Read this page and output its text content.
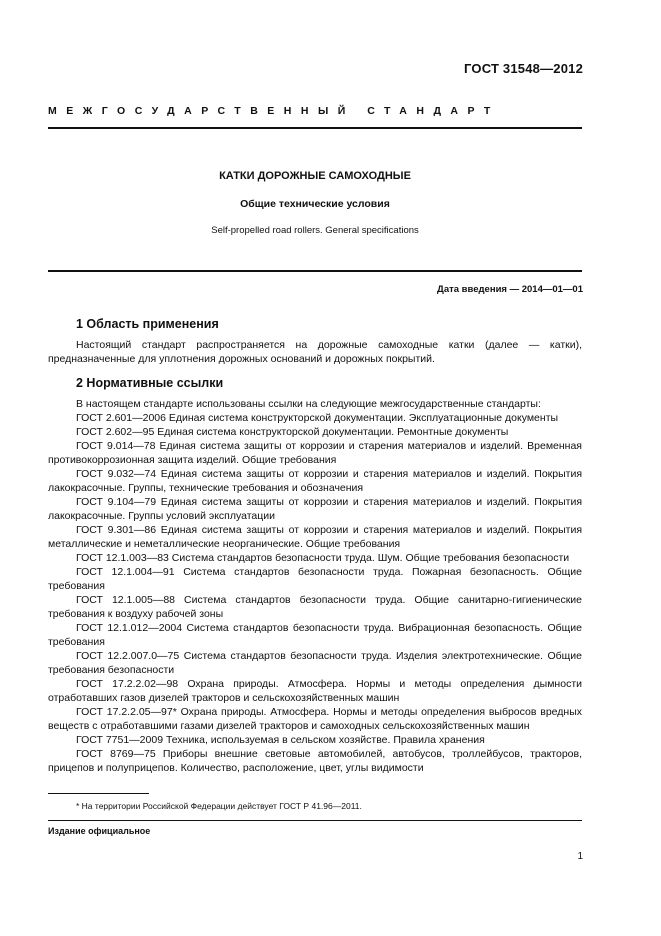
ГОСТ 31548—2012
МЕЖГОСУДАРСТВЕННЫЙ СТАНДАРТ
КАТКИ ДОРОЖНЫЕ САМОХОДНЫЕ
Общие технические условия
Self-propelled road rollers. General specifications
Дата введения — 2014—01—01
1 Область применения

Настоящий стандарт распространяется на дорожные самоходные катки (далее — катки), предназначенные для уплотнения дорожных оснований и дорожных покрытий.

2 Нормативные ссылки

В настоящем стандарте использованы ссылки на следующие межгосударственные стандарты:

ГОСТ 2.601—2006 Единая система конструкторской документации. Эксплуатационные документы
ГОСТ 2.602—95 Единая система конструкторской документации. Ремонтные документы
ГОСТ 9.014—78 Единая система защиты от коррозии и старения материалов и изделий. Временная противокоррозионная защита изделий. Общие требования
ГОСТ 9.032—74 Единая система защиты от коррозии и старения материалов и изделий. Покрытия лакокрасочные. Группы, технические требования и обозначения
ГОСТ 9.104—79 Единая система защиты от коррозии и старения материалов и изделий. Покрытия лакокрасочные. Группы условий эксплуатации
ГОСТ 9.301—86 Единая система защиты от коррозии и старения материалов и изделий. Покрытия металлические и неметаллические неорганические. Общие требования
ГОСТ 12.1.003—83 Система стандартов безопасности труда. Шум. Общие требования безопасности
ГОСТ 12.1.004—91 Система стандартов безопасности труда. Пожарная безопасность. Общие требования
ГОСТ 12.1.005—88 Система стандартов безопасности труда. Общие санитарно-гигиенические требования к воздуху рабочей зоны
ГОСТ 12.1.012—2004 Система стандартов безопасности труда. Вибрационная безопасность. Общие требования
ГОСТ 12.2.007.0—75 Система стандартов безопасности труда. Изделия электротехнические. Общие требования безопасности
ГОСТ 17.2.2.02—98 Охрана природы. Атмосфера. Нормы и методы определения дымности отработавших газов дизелей тракторов и сельскохозяйственных машин
ГОСТ 17.2.2.05—97* Охрана природы. Атмосфера. Нормы и методы определения выбросов вредных веществ с отработавшими газами дизелей тракторов и самоходных сельскохозяйственных машин
ГОСТ 7751—2009 Техника, используемая в сельском хозяйстве. Правила хранения
ГОСТ 8769—75 Приборы внешние световые автомобилей, автобусов, троллейбусов, тракторов, прицепов и полуприцепов. Количество, расположение, цвет, углы видимости
* На территории Российской Федерации действует ГОСТ Р 41.96—2011.
Издание официальное
1
